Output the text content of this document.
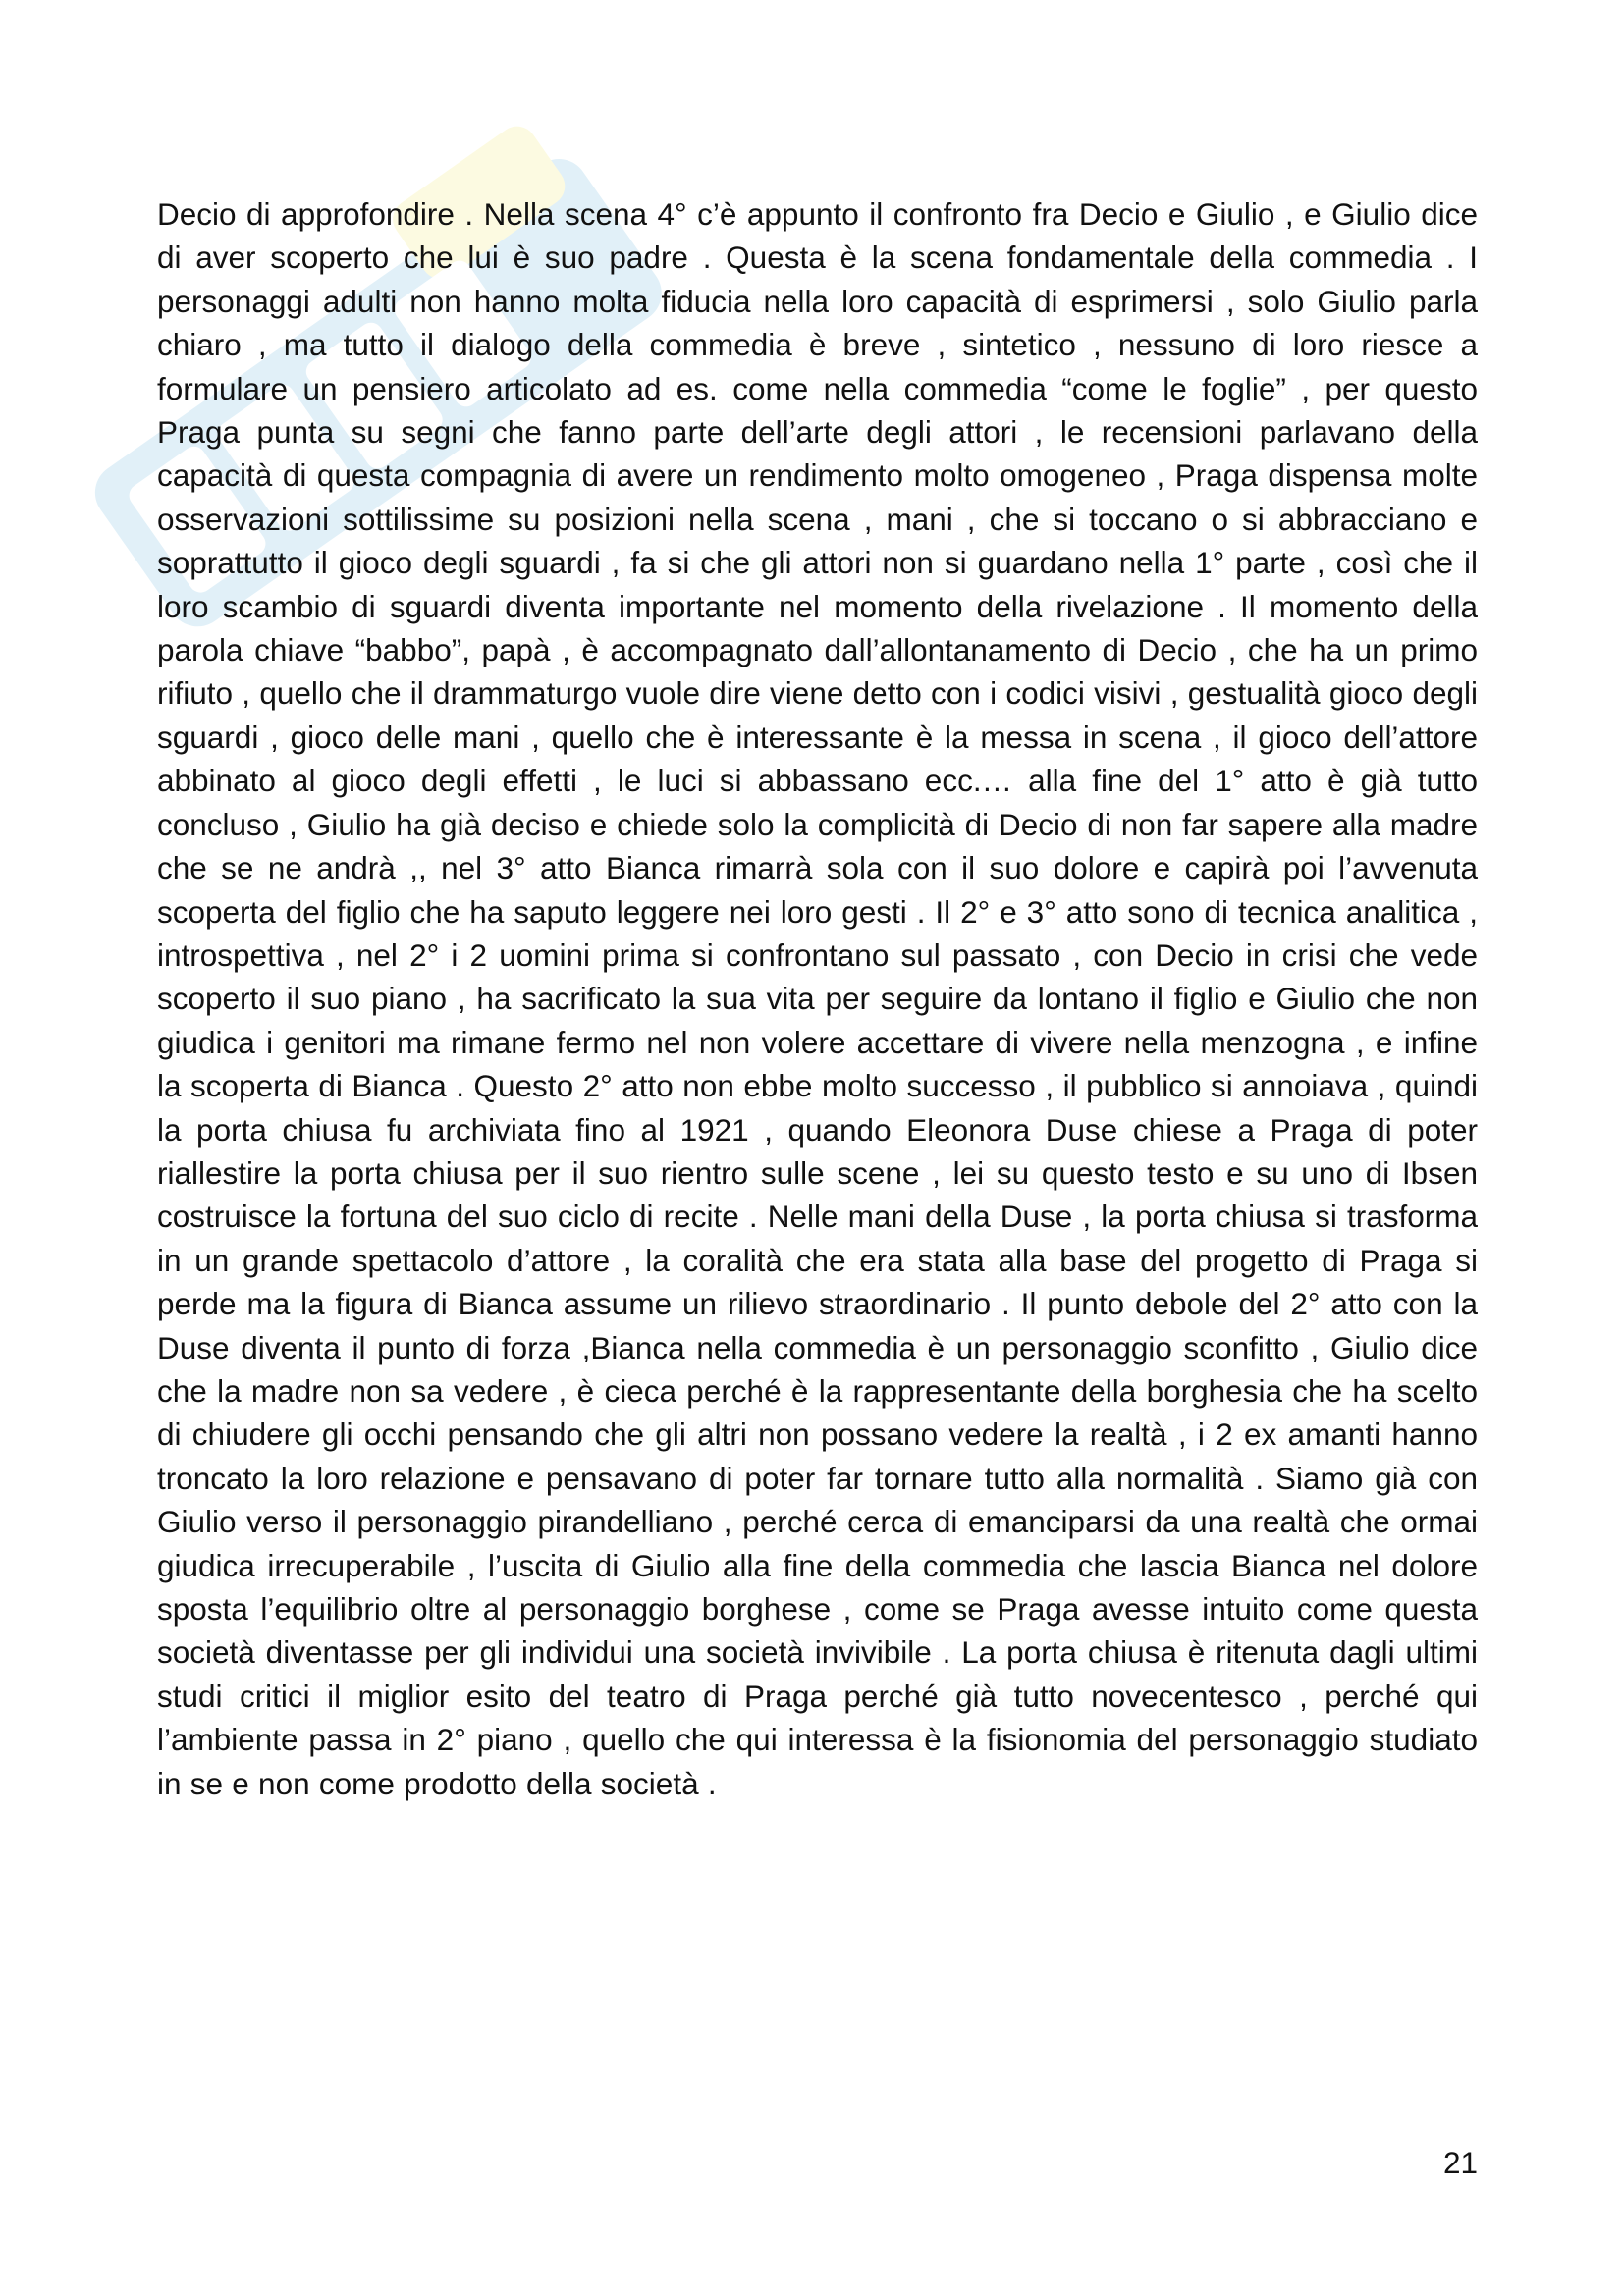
Decio di approfondire . Nella scena 4° c’è appunto il confronto fra Decio e Giulio , e Giulio dice di aver scoperto che lui è suo padre . Questa è la scena fondamentale della commedia . I personaggi adulti non hanno molta fiducia nella loro capacità di esprimersi , solo Giulio parla chiaro , ma tutto il dialogo della commedia è breve , sintetico , nessuno di loro riesce a formulare un pensiero articolato ad es. come nella commedia “come le foglie” , per questo Praga punta su segni che fanno parte dell’arte degli attori , le recensioni parlavano della capacità di questa compagnia di avere un rendimento molto omogeneo , Praga dispensa molte osservazioni sottilissime su posizioni nella scena , mani , che si toccano o si abbracciano e soprattutto il gioco degli sguardi , fa si che gli attori non si guardano nella 1° parte , così che il loro scambio di sguardi diventa importante nel momento della rivelazione . Il momento della parola chiave “babbo”, papà , è accompagnato dall’allontanamento di Decio , che ha un primo rifiuto , quello che il drammaturgo vuole dire viene detto con i codici visivi , gestualità gioco degli sguardi , gioco delle mani , quello che è interessante è la messa in scena , il gioco dell’attore abbinato al gioco degli effetti , le luci si abbassano ecc.… alla fine del 1° atto è già tutto concluso , Giulio ha già deciso e chiede solo la complicità di Decio di non far sapere alla madre che se ne andrà ,, nel 3° atto Bianca rimarrà sola con il suo dolore e capirà poi l’avvenuta scoperta del figlio che ha saputo leggere nei loro gesti . Il 2° e 3° atto sono di tecnica analitica , introspettiva , nel 2° i 2 uomini prima si confrontano sul passato , con Decio in crisi che vede scoperto il suo piano , ha sacrificato la sua vita per seguire da lontano il figlio e Giulio che non giudica i genitori ma rimane fermo nel non volere accettare di vivere nella menzogna , e infine la scoperta di Bianca . Questo 2° atto non ebbe molto successo , il pubblico si annoiava , quindi la porta chiusa fu archiviata fino al 1921 , quando Eleonora Duse chiese a Praga di poter riallestire la porta chiusa per il suo rientro sulle scene , lei su questo testo e su uno di Ibsen costruisce la fortuna del suo ciclo di recite . Nelle mani della Duse , la porta chiusa si trasforma in un grande spettacolo d’attore , la coralità che era stata alla base del progetto di Praga si perde ma la figura di Bianca assume un rilievo straordinario . Il punto debole del 2° atto con la Duse diventa il punto di forza ,Bianca nella commedia è un personaggio sconfitto , Giulio dice che la madre non sa vedere , è cieca perché è la rappresentante della borghesia che ha scelto di chiudere gli occhi pensando che gli altri non possano vedere la realtà , i 2 ex amanti hanno troncato la loro relazione e pensavano di poter far tornare tutto alla normalità . Siamo già con Giulio verso il personaggio pirandelliano , perché cerca di emanciparsi da una realtà che ormai giudica irrecuperabile , l’uscita di Giulio alla fine della commedia che lascia Bianca nel dolore sposta l’equilibrio oltre al personaggio borghese , come se Praga avesse intuito come questa società diventasse per gli individui una società invivibile . La porta chiusa è ritenuta dagli ultimi studi critici il miglior esito del teatro di Praga perché già tutto novecentesco , perché qui l’ambiente passa in 2° piano , quello che qui interessa è la fisionomia del personaggio studiato in se e non come prodotto della società .

21
